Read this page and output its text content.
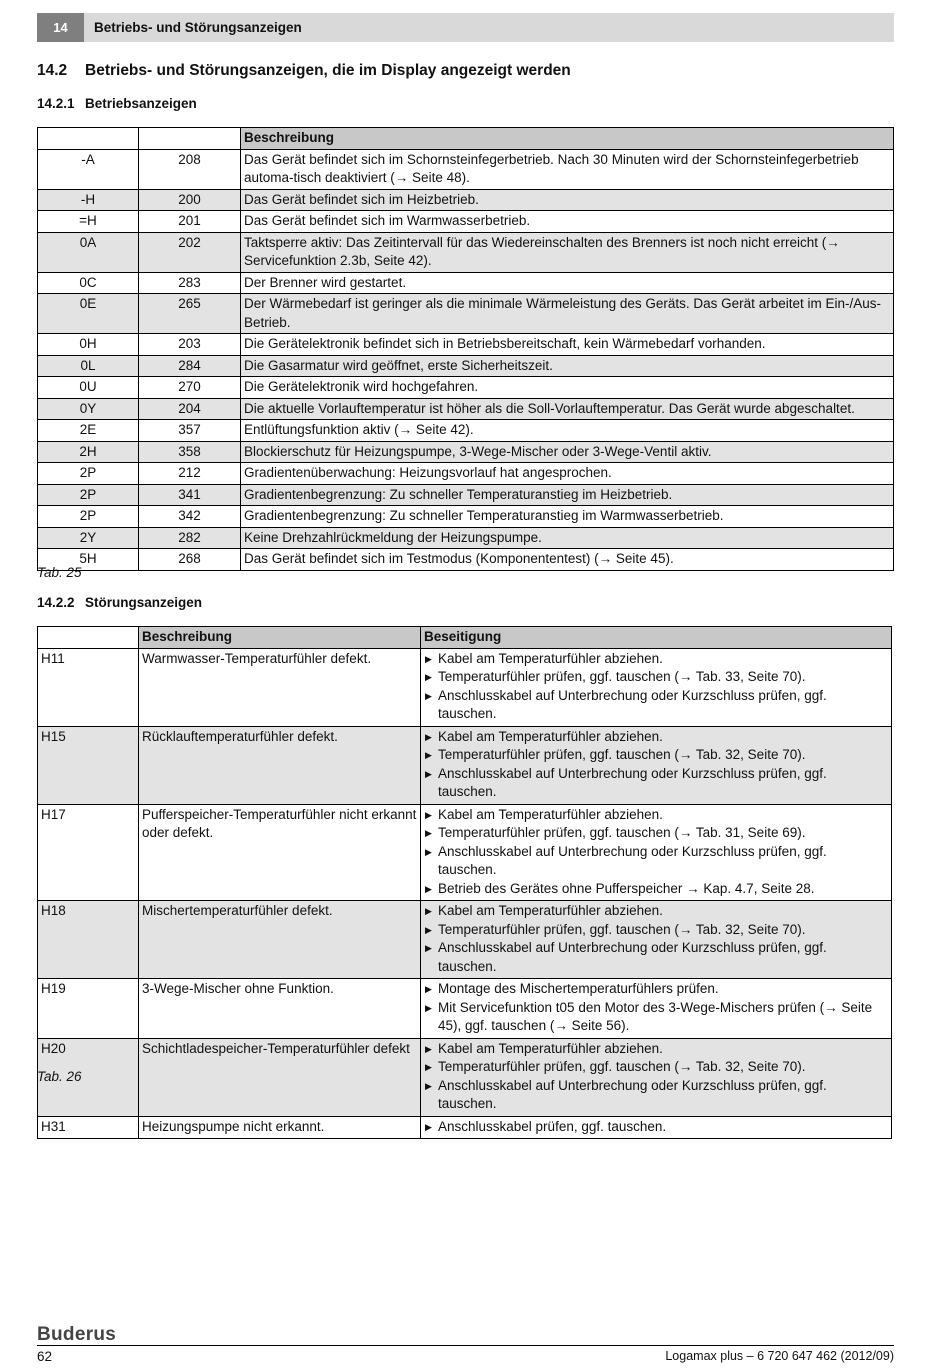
14	Betriebs- und Störungsanzeigen
14.2 Betriebs- und Störungsanzeigen, die im Display angezeigt werden
14.2.1 Betriebsanzeigen
		Beschreibung
-A	208	Das Gerät befindet sich im Schornsteinfegerbetrieb. Nach 30 Minuten wird der Schornsteinfegerbetrieb automa-tisch deaktiviert (→ Seite 48).
-H	200	Das Gerät befindet sich im Heizbetrieb.
=H	201	Das Gerät befindet sich im Warmwasserbetrieb.
0A	202	Taktsperre aktiv: Das Zeitintervall für das Wiedereinschalten des Brenners ist noch nicht erreicht (→ Servicefunktion 2.3b, Seite 42).
0C	283	Der Brenner wird gestartet.
0E	265	Der Wärmebedarf ist geringer als die minimale Wärmeleistung des Geräts. Das Gerät arbeitet im Ein-/Aus-Betrieb.
0H	203	Die Gerätelektronik befindet sich in Betriebsbereitschaft, kein Wärmebedarf vorhanden.
0L	284	Die Gasarmatur wird geöffnet, erste Sicherheitszeit.
0U	270	Die Gerätelektronik wird hochgefahren.
0Y	204	Die aktuelle Vorlauftemperatur ist höher als die Soll-Vorlauftemperatur. Das Gerät wurde abgeschaltet.
2E	357	Entlüftungsfunktion aktiv (→ Seite 42).
2H	358	Blockierschutz für Heizungspumpe, 3-Wege-Mischer oder 3-Wege-Ventil aktiv.
2P	212	Gradientenüberwachung: Heizungsvorlauf hat angesprochen.
2P	341	Gradientenbegrenzung: Zu schneller Temperaturanstieg im Heizbetrieb.
2P	342	Gradientenbegrenzung: Zu schneller Temperaturanstieg im Warmwasserbetrieb.
2Y	282	Keine Drehzahlrückmeldung der Heizungspumpe.
5H	268	Das Gerät befindet sich im Testmodus (Komponententest) (→ Seite 45).
Tab. 25
14.2.2 Störungsanzeigen
	Beschreibung	Beseitigung
H11	Warmwasser-Temperaturfühler defekt.	▶ Kabel am Temperaturfühler abziehen.
▶ Temperaturfühler prüfen, ggf. tauschen (→ Tab. 33, Seite 70).
▶ Anschlusskabel auf Unterbrechung oder Kurzschluss prüfen, ggf. tauschen.

H15	Rücklauftemperaturfühler defekt.	▶ Kabel am Temperaturfühler abziehen.
▶ Temperaturfühler prüfen, ggf. tauschen (→ Tab. 32, Seite 70).
▶ Anschlusskabel auf Unterbrechung oder Kurzschluss prüfen, ggf. tauschen.

H17	Pufferspeicher-Temperaturfühler nicht erkannt oder defekt.	▶ Kabel am Temperaturfühler abziehen.
▶ Temperaturfühler prüfen, ggf. tauschen (→ Tab. 31, Seite 69).
▶ Anschlusskabel auf Unterbrechung oder Kurzschluss prüfen, ggf. tauschen.
▶ Betrieb des Gerätes ohne Pufferspeicher → Kap. 4.7, Seite 28.

H18	Mischertemperaturfühler defekt.	▶ Kabel am Temperaturfühler abziehen.
▶ Temperaturfühler prüfen, ggf. tauschen (→ Tab. 32, Seite 70).
▶ Anschlusskabel auf Unterbrechung oder Kurzschluss prüfen, ggf. tauschen.

H19	3-Wege-Mischer ohne Funktion.	▶ Montage des Mischertemperaturfühlers prüfen.
▶ Mit Servicefunktion t05 den Motor des 3-Wege-Mischers prüfen (→ Seite 45), ggf. tauschen (→ Seite 56).

H20	Schichtladespeicher-Temperaturfühler defekt	▶ Kabel am Temperaturfühler abziehen.
▶ Temperaturfühler prüfen, ggf. tauschen (→ Tab. 32, Seite 70).
▶ Anschlusskabel auf Unterbrechung oder Kurzschluss prüfen, ggf. tauschen.

H31	Heizungspumpe nicht erkannt.	▶ Anschlusskabel prüfen, ggf. tauschen.
Tab. 26
Buderus
62	Logamax plus – 6 720 647 462 (2012/09)
